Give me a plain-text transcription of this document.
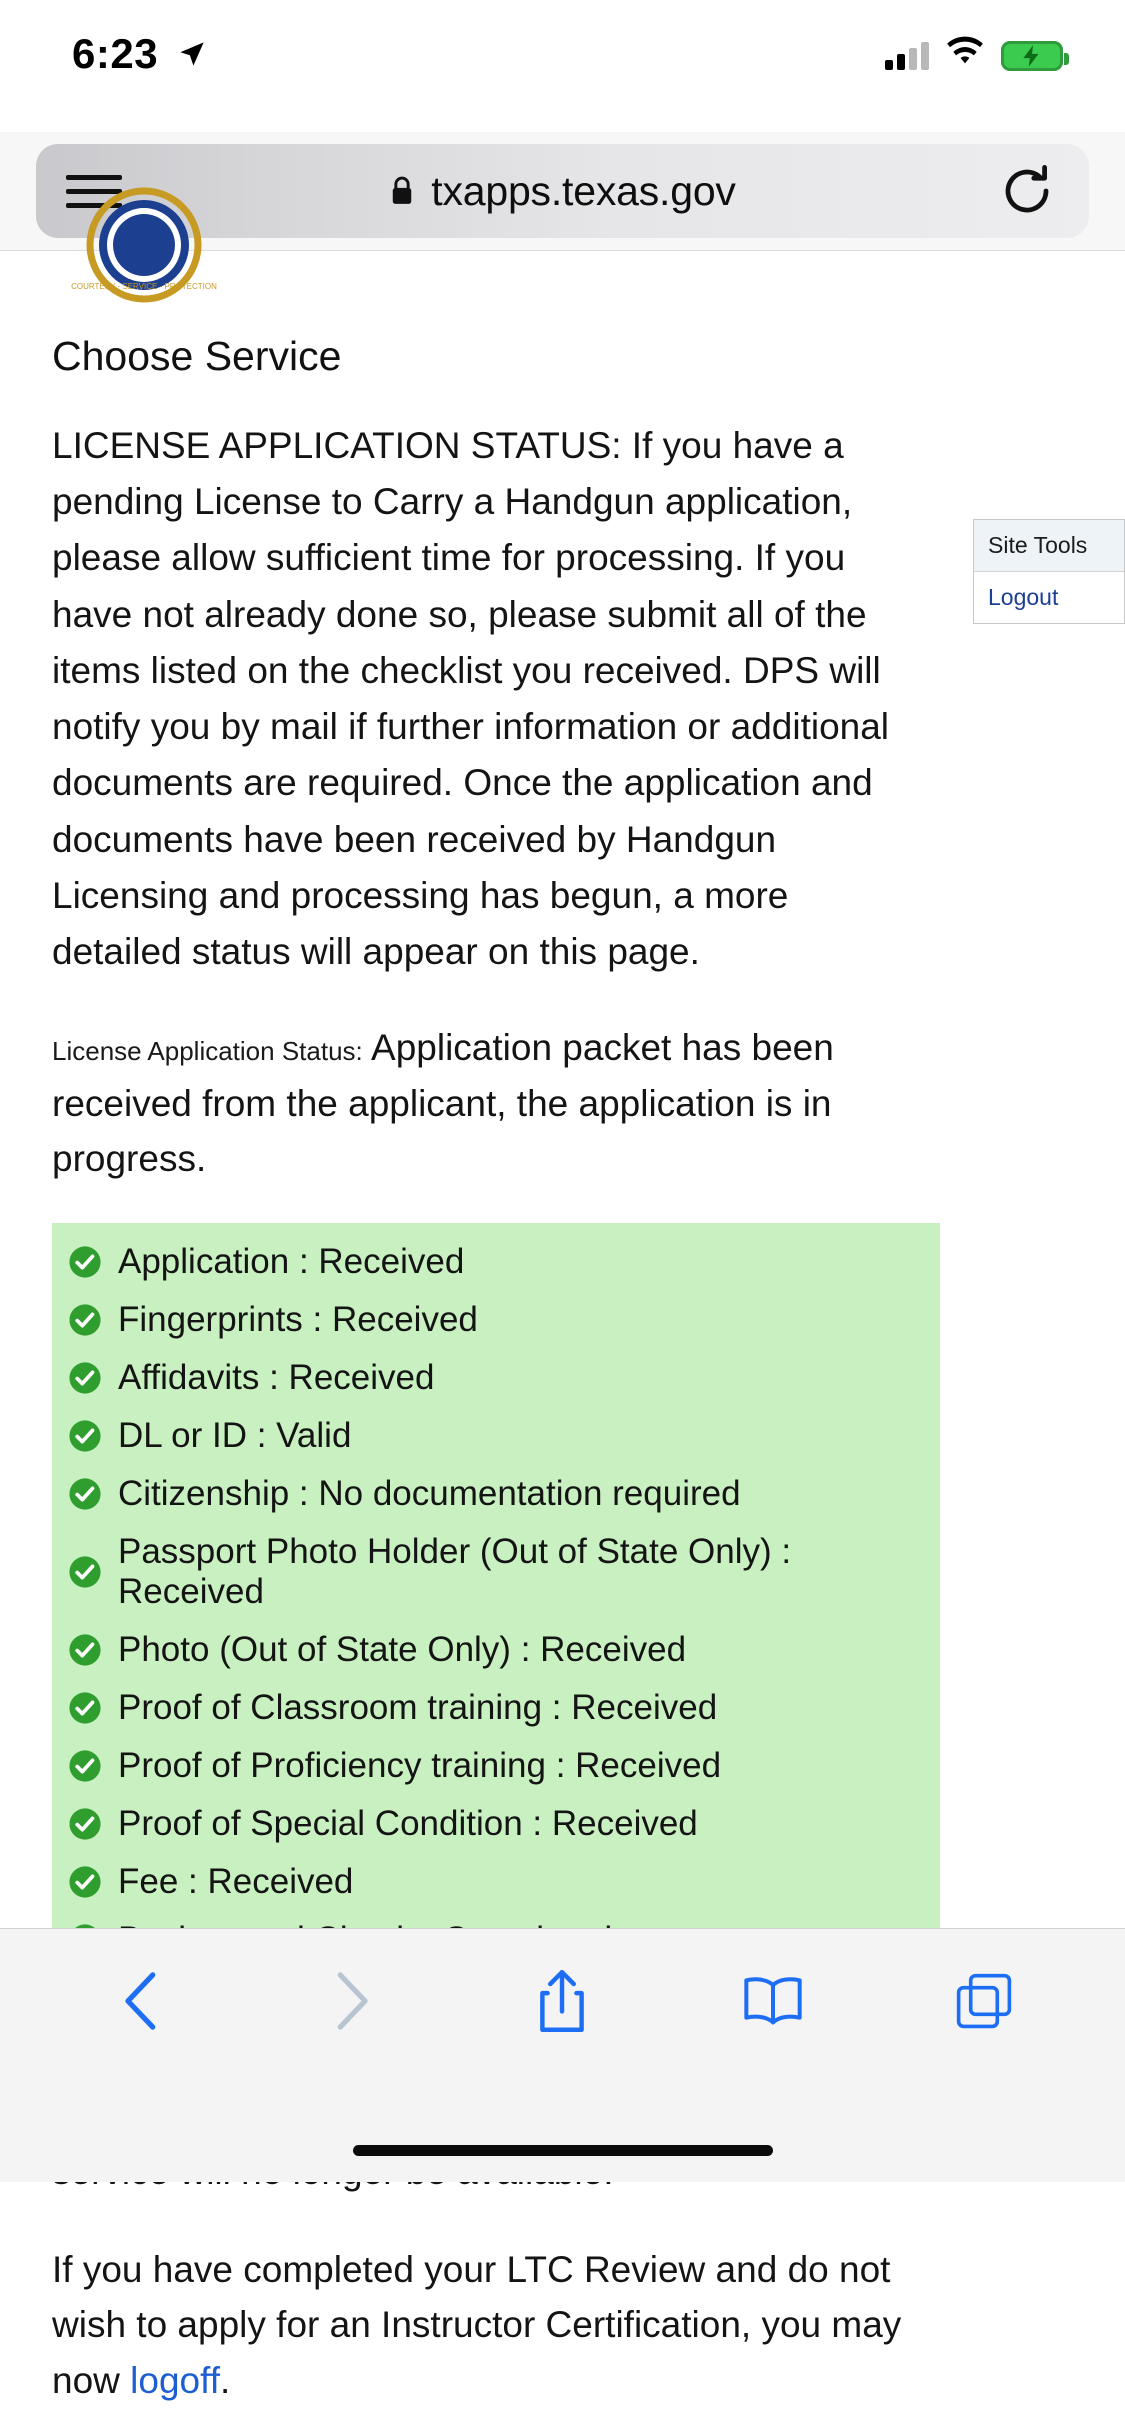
6:23
txapps.texas.gov
COURTESY - SERVICE - PROTECTION
Site Tools
Logout
Choose Service

LICENSE APPLICATION STATUS: If you have a pending License to Carry a Handgun application, please allow sufficient time for processing. If you have not already done so, please submit all of the items listed on the checklist you received. DPS will notify you by mail if further information or additional documents are required. Once the application and documents have been received by Handgun Licensing and processing has begun, a more detailed status will appear on this page.

License Application Status: Application packet has been received from the applicant, the application is in progress.

Application : Received
Fingerprints : Received
Affidavits : Received
DL or ID : Valid
Citizenship : No documentation required
Passport Photo Holder (Out of State Only) : Received
Photo (Out of State Only) : Received
Proof of Classroom training : Received
Proof of Proficiency training : Received
Proof of Special Condition : Received
Fee : Received

If you have completed your LTC Review and do not wish to apply for an Instructor Certification, you may now logoff.
